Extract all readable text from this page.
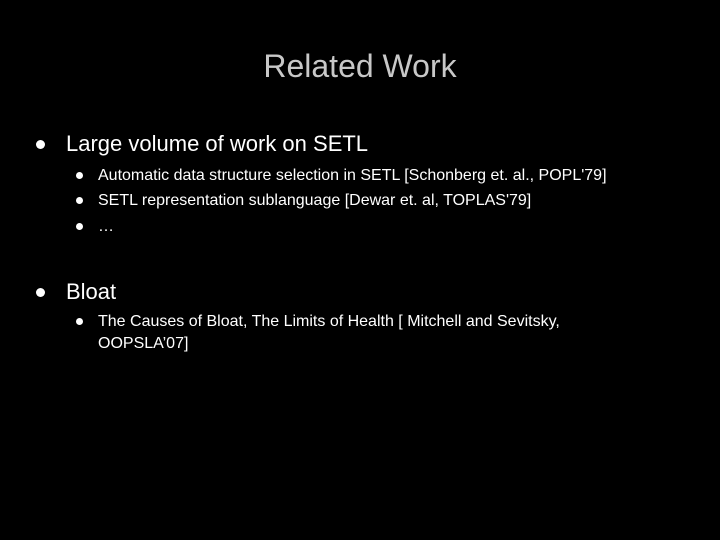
Related Work
Large volume of work on SETL
Automatic data structure selection in SETL [Schonberg et. al., POPL'79]
SETL representation sublanguage [Dewar et. al, TOPLAS'79]
…
Bloat
The Causes of Bloat, The Limits of Health [ Mitchell and Sevitsky,
OOPSLA’07]
